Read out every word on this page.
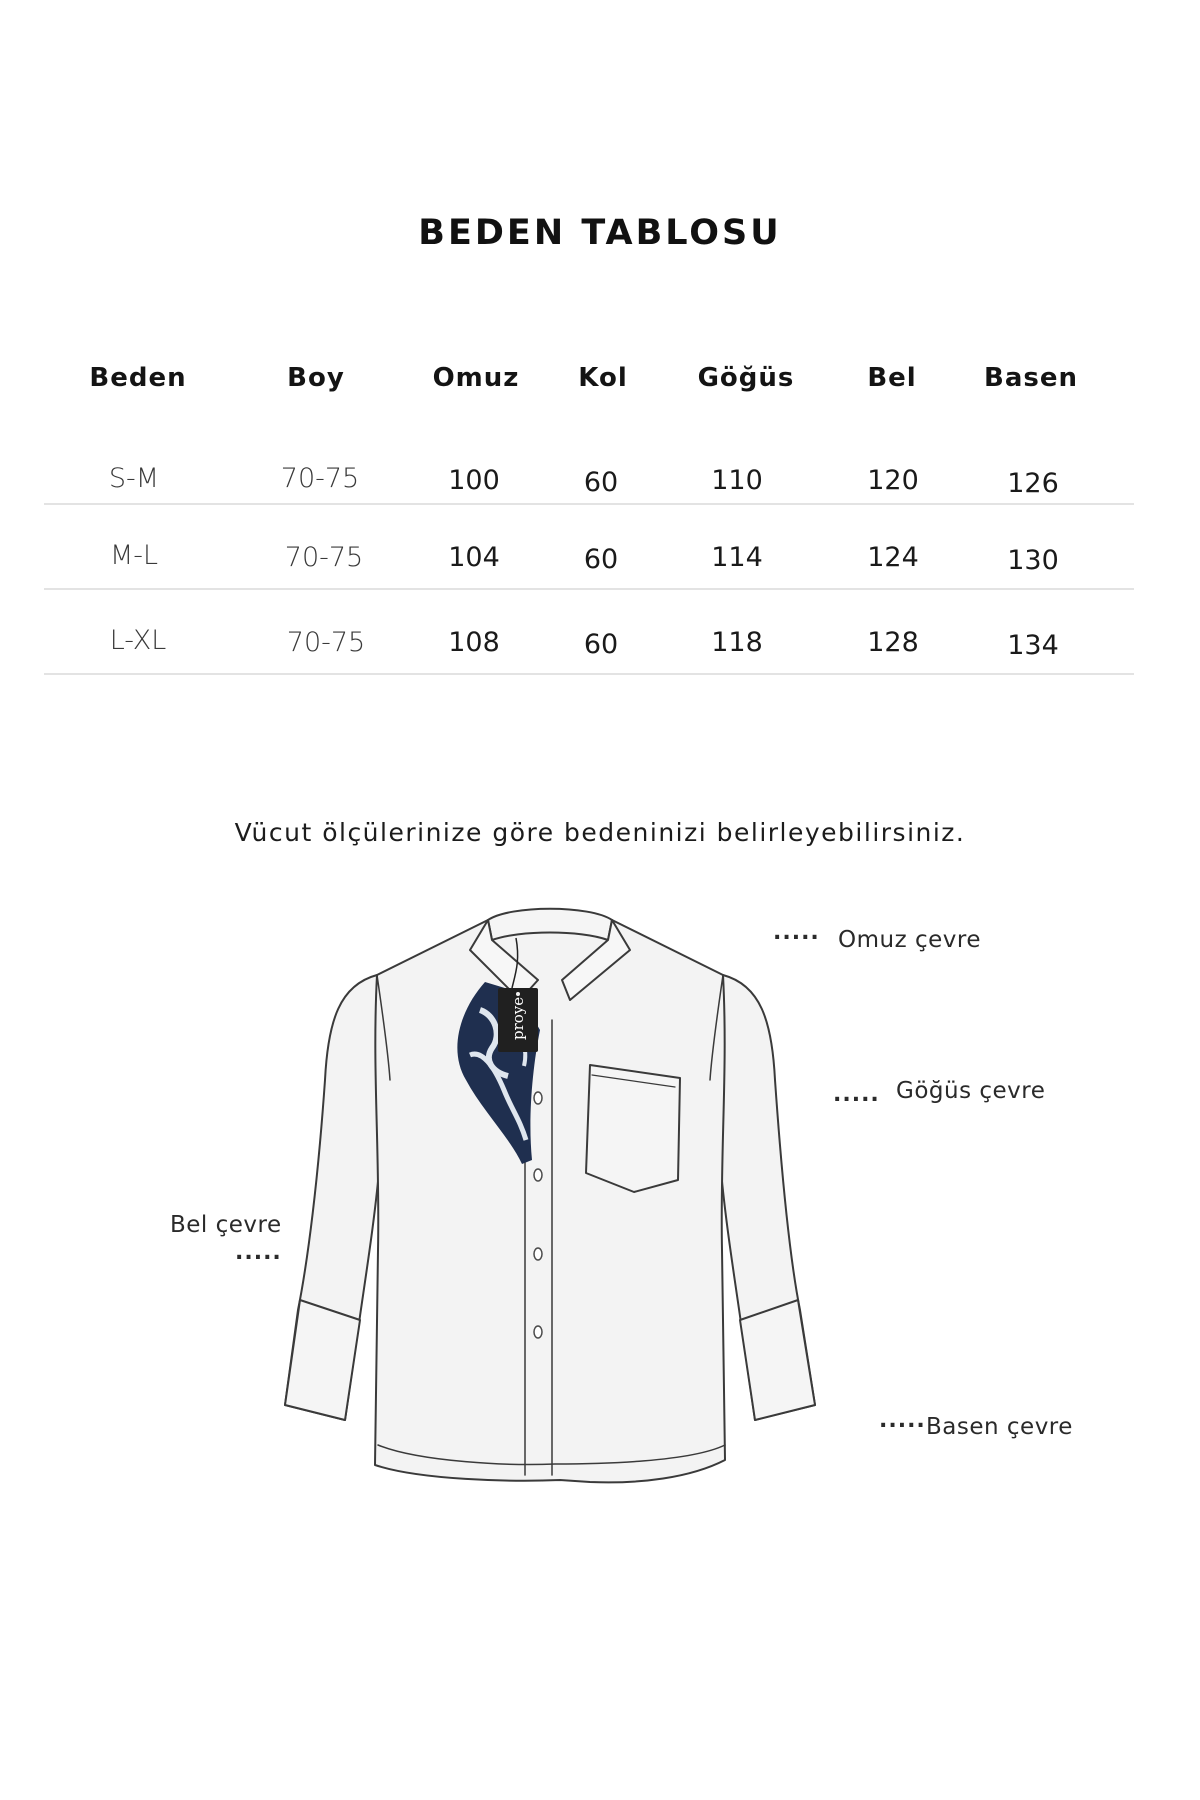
BEDEN TABLOSU
Beden	Boy	Omuz	Kol	Göğüs	Bel	Basen
S-M	70-75	100	60	110	120	126
M-L	70-75	104	60	114	124	130
L-XL	70-75	108	60	118	128	134
Vücut ölçülerinize göre bedeninizi belirleyebilirsiniz.
..... Omuz çevre
..... Göğüs çevre
Bel çevre
.....
..... Basen çevre
proye
